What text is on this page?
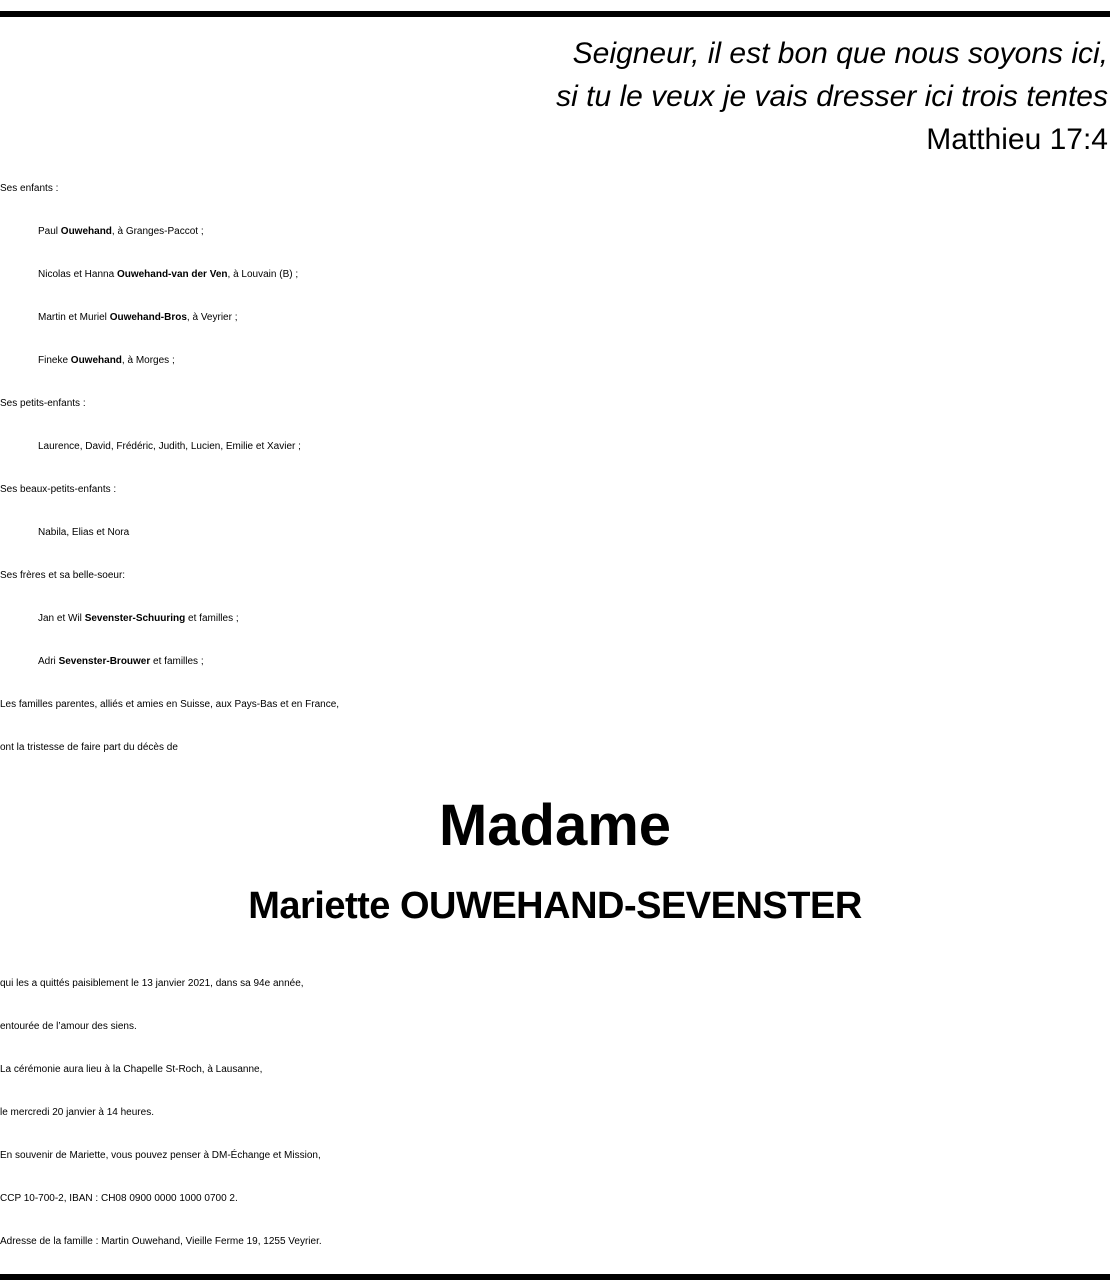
Seigneur, il est bon que nous soyons ici,
si tu le veux je vais dresser ici trois tentes
Matthieu 17:4
Ses enfants :
Paul Ouwehand, à Granges-Paccot ;
Nicolas et Hanna Ouwehand-van der Ven, à Louvain (B) ;
Martin et Muriel Ouwehand-Bros, à Veyrier ;
Fineke Ouwehand, à Morges ;
Ses petits-enfants :
Laurence, David, Frédéric, Judith, Lucien, Emilie et Xavier ;
Ses beaux-petits-enfants :
Nabila, Elias et Nora
Ses frères et sa belle-soeur:
Jan et Wil Sevenster-Schuuring et familles ;
Adri Sevenster-Brouwer et familles ;
Les familles parentes, alliés et amies en Suisse, aux Pays-Bas et en France,
ont la tristesse de faire part du décès de
Madame
Mariette OUWEHAND-SEVENSTER
qui les a quittés paisiblement le 13 janvier 2021, dans sa 94e année,
entourée de l’amour des siens.
La cérémonie aura lieu à la Chapelle St-Roch, à Lausanne,
le mercredi 20 janvier à 14 heures.
En souvenir de Mariette, vous pouvez penser à DM-Échange et Mission,
CCP 10-700-2, IBAN : CH08 0900 0000 1000 0700 2.
Adresse de la famille : Martin Ouwehand, Vieille Ferme 19, 1255 Veyrier.
